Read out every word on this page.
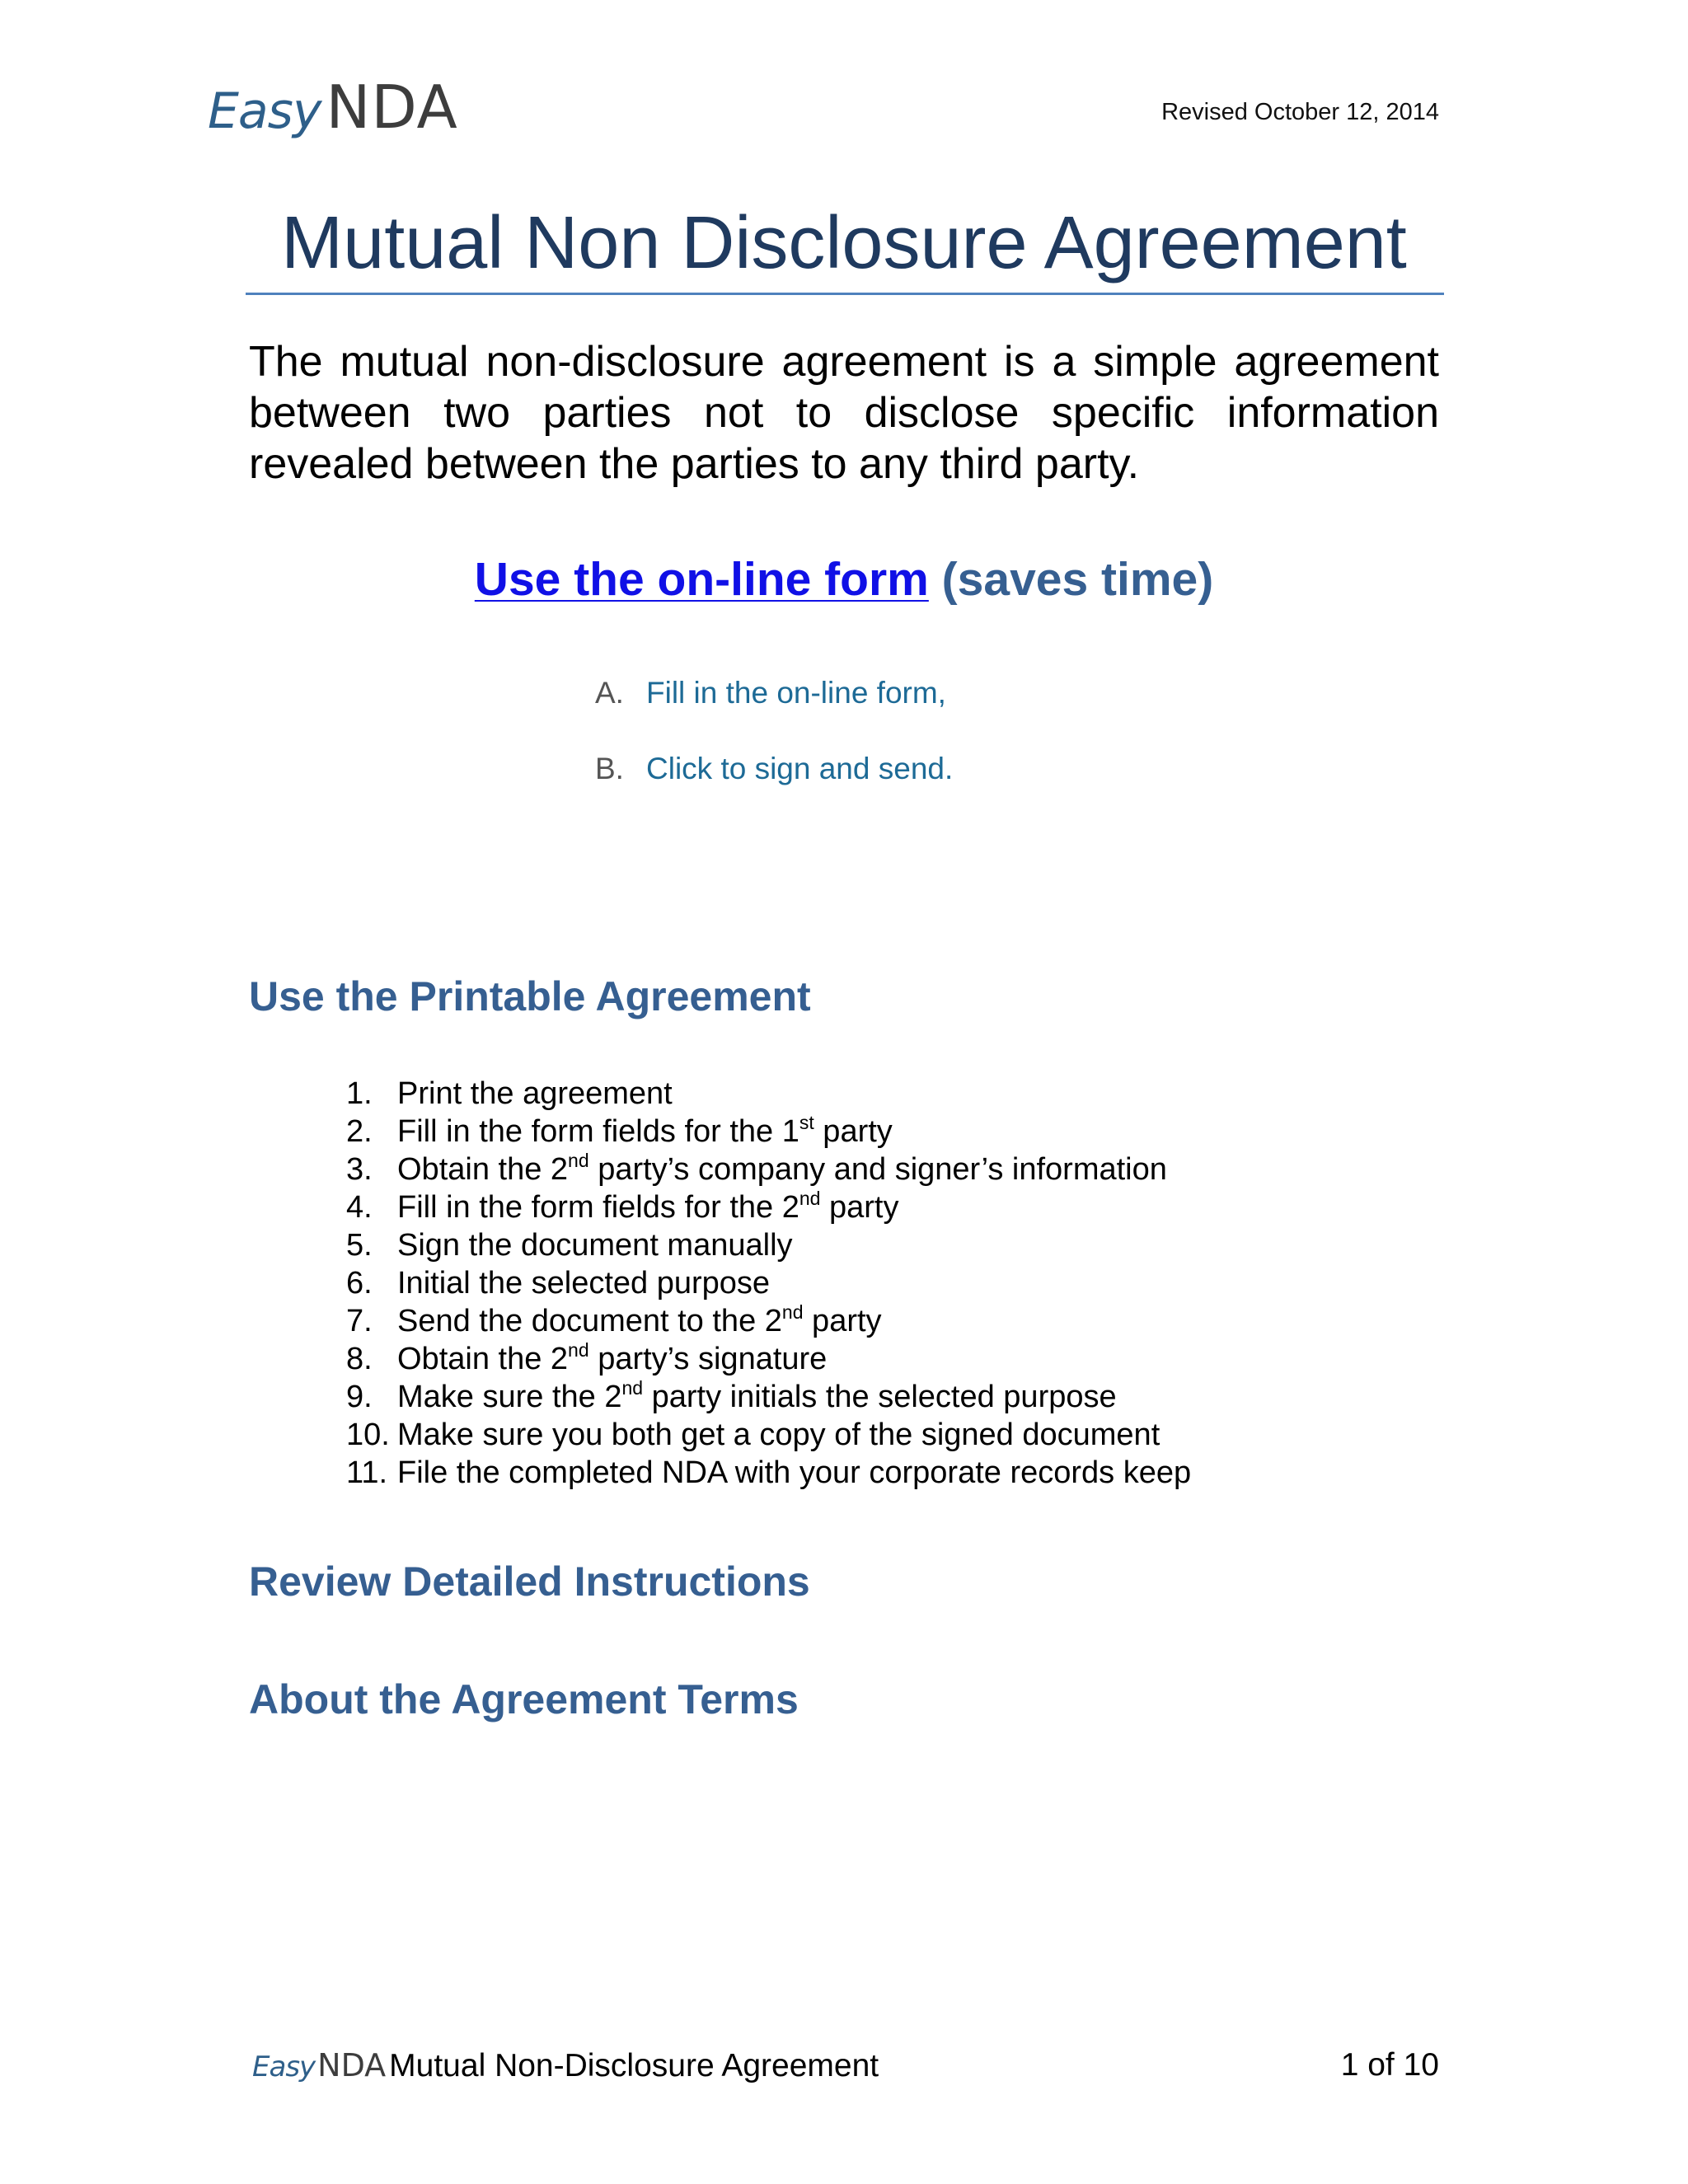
Easy NDA	Revised October 12, 2014
Mutual Non Disclosure Agreement
The mutual non-disclosure agreement is a simple agreement between two parties not to disclose specific information revealed between the parties to any third party.
Use the on-line form (saves time)
A. Fill in the on-line form,
B. Click to sign and send.
Use the Printable Agreement
1. Print the agreement
2. Fill in the form fields for the 1st party
3. Obtain the 2nd party’s company and signer’s information
4. Fill in the form fields for the 2nd party
5. Sign the document manually
6. Initial the selected purpose
7. Send the document to the 2nd party
8. Obtain the 2nd party’s signature
9. Make sure the 2nd party initials the selected purpose
10. Make sure you both get a copy of the signed document
11. File the completed NDA with your corporate records keep
Review Detailed Instructions
About the Agreement Terms
Easy NDA Mutual Non-Disclosure Agreement	1 of 10
